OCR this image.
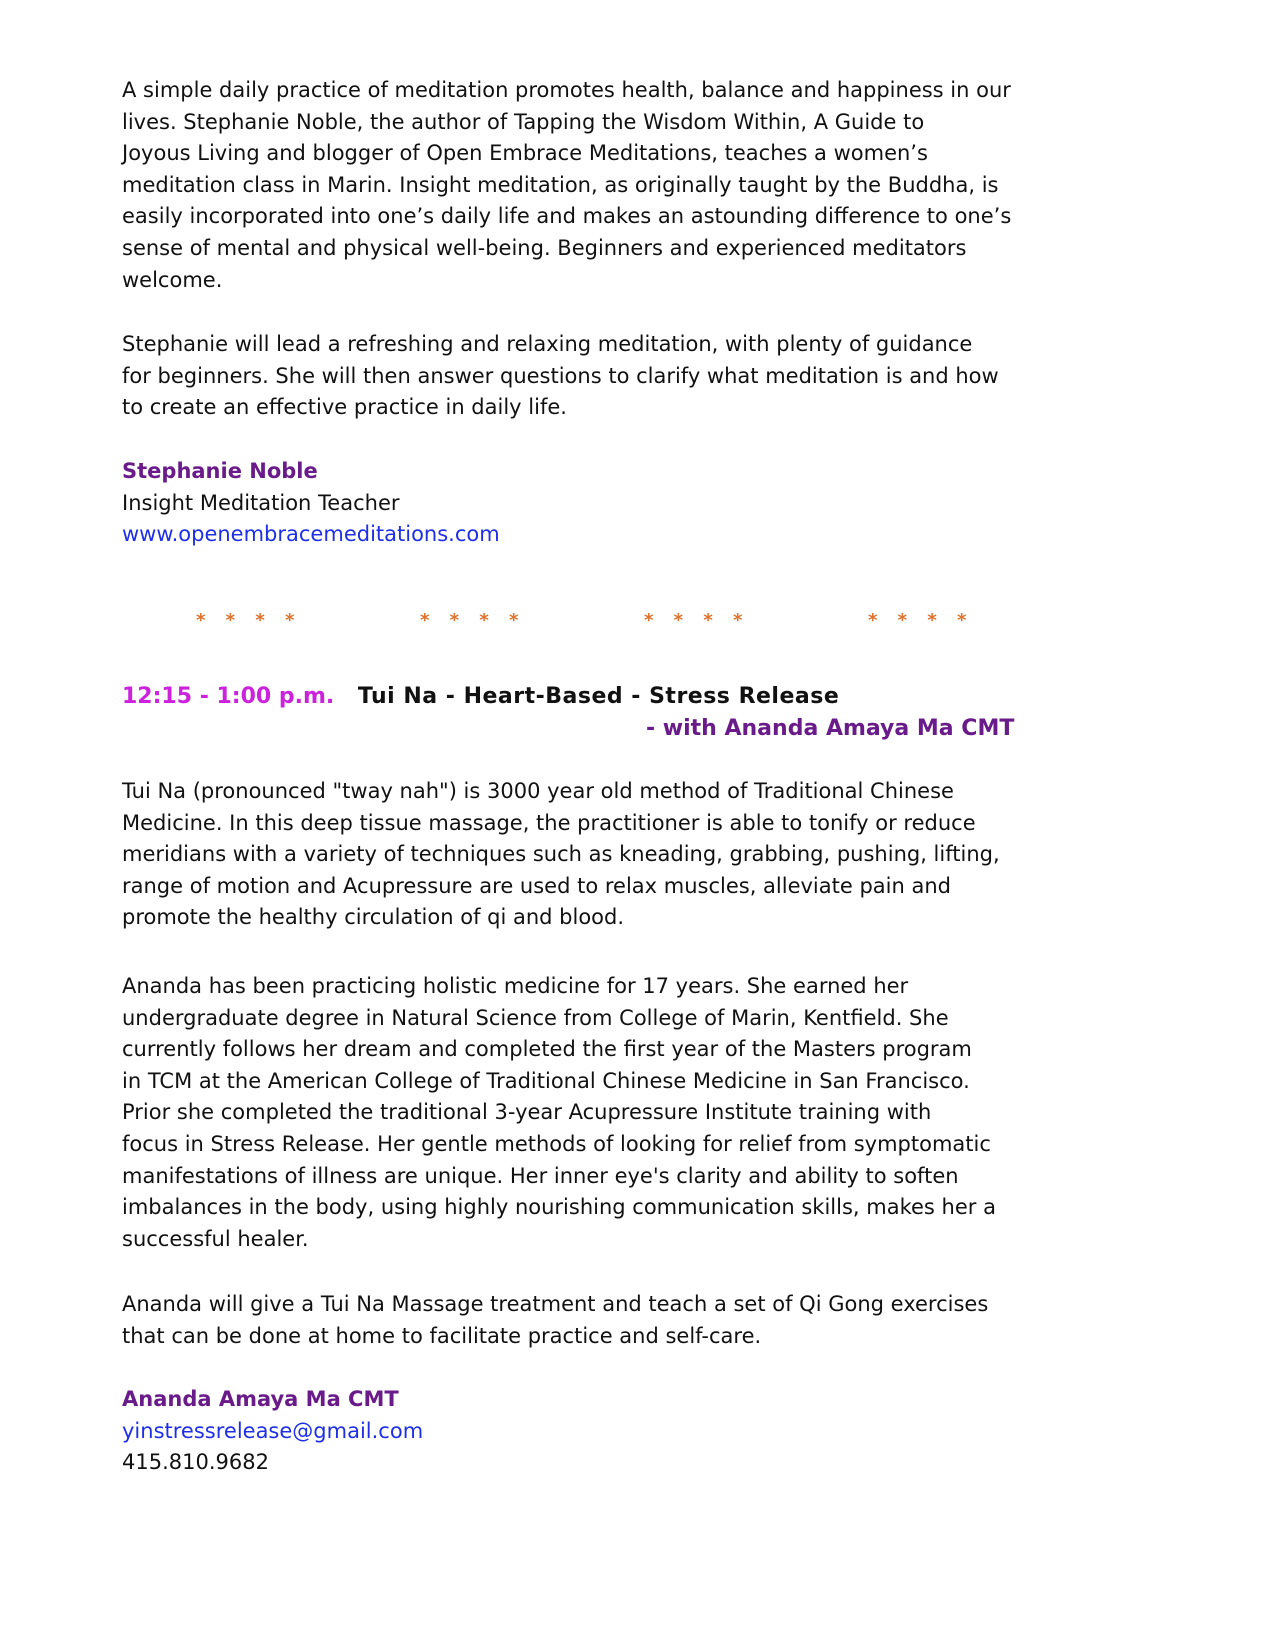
A simple daily practice of meditation promotes health, balance and happiness in our
lives. Stephanie Noble, the author of Tapping the Wisdom Within, A Guide to
Joyous Living and blogger of Open Embrace Meditations, teaches a women’s
meditation class in Marin. Insight meditation, as originally taught by the Buddha, is
easily incorporated into one’s daily life and makes an astounding difference to one’s
sense of mental and physical well-being. Beginners and experienced meditators
welcome.

Stephanie will lead a refreshing and relaxing meditation, with plenty of guidance
for beginners. She will then answer questions to clarify what meditation is and how
to create an effective practice in daily life.

Stephanie Noble
Insight Meditation Teacher
www.openembracemeditations.com
* * * *	* * * *	* * * *	* * * *
12:15 - 1:00 p.m. Tui Na - Heart-Based - Stress Release
- with Ananda Amaya Ma CMT

Tui Na (pronounced "tway nah") is 3000 year old method of Traditional Chinese
Medicine. In this deep tissue massage, the practitioner is able to tonify or reduce
meridians with a variety of techniques such as kneading, grabbing, pushing, lifting,
range of motion and Acupressure are used to relax muscles, alleviate pain and
promote the healthy circulation of qi and blood.

Ananda has been practicing holistic medicine for 17 years. She earned her
undergraduate degree in Natural Science from College of Marin, Kentfield. She
currently follows her dream and completed the first year of the Masters program
in TCM at the American College of Traditional Chinese Medicine in San Francisco.
Prior she completed the traditional 3-year Acupressure Institute training with
focus in Stress Release. Her gentle methods of looking for relief from symptomatic
manifestations of illness are unique. Her inner eye's clarity and ability to soften
imbalances in the body, using highly nourishing communication skills, makes her a
successful healer.

Ananda will give a Tui Na Massage treatment and teach a set of Qi Gong exercises
that can be done at home to facilitate practice and self-care.

Ananda Amaya Ma CMT
yinstressrelease@gmail.com
415.810.9682
